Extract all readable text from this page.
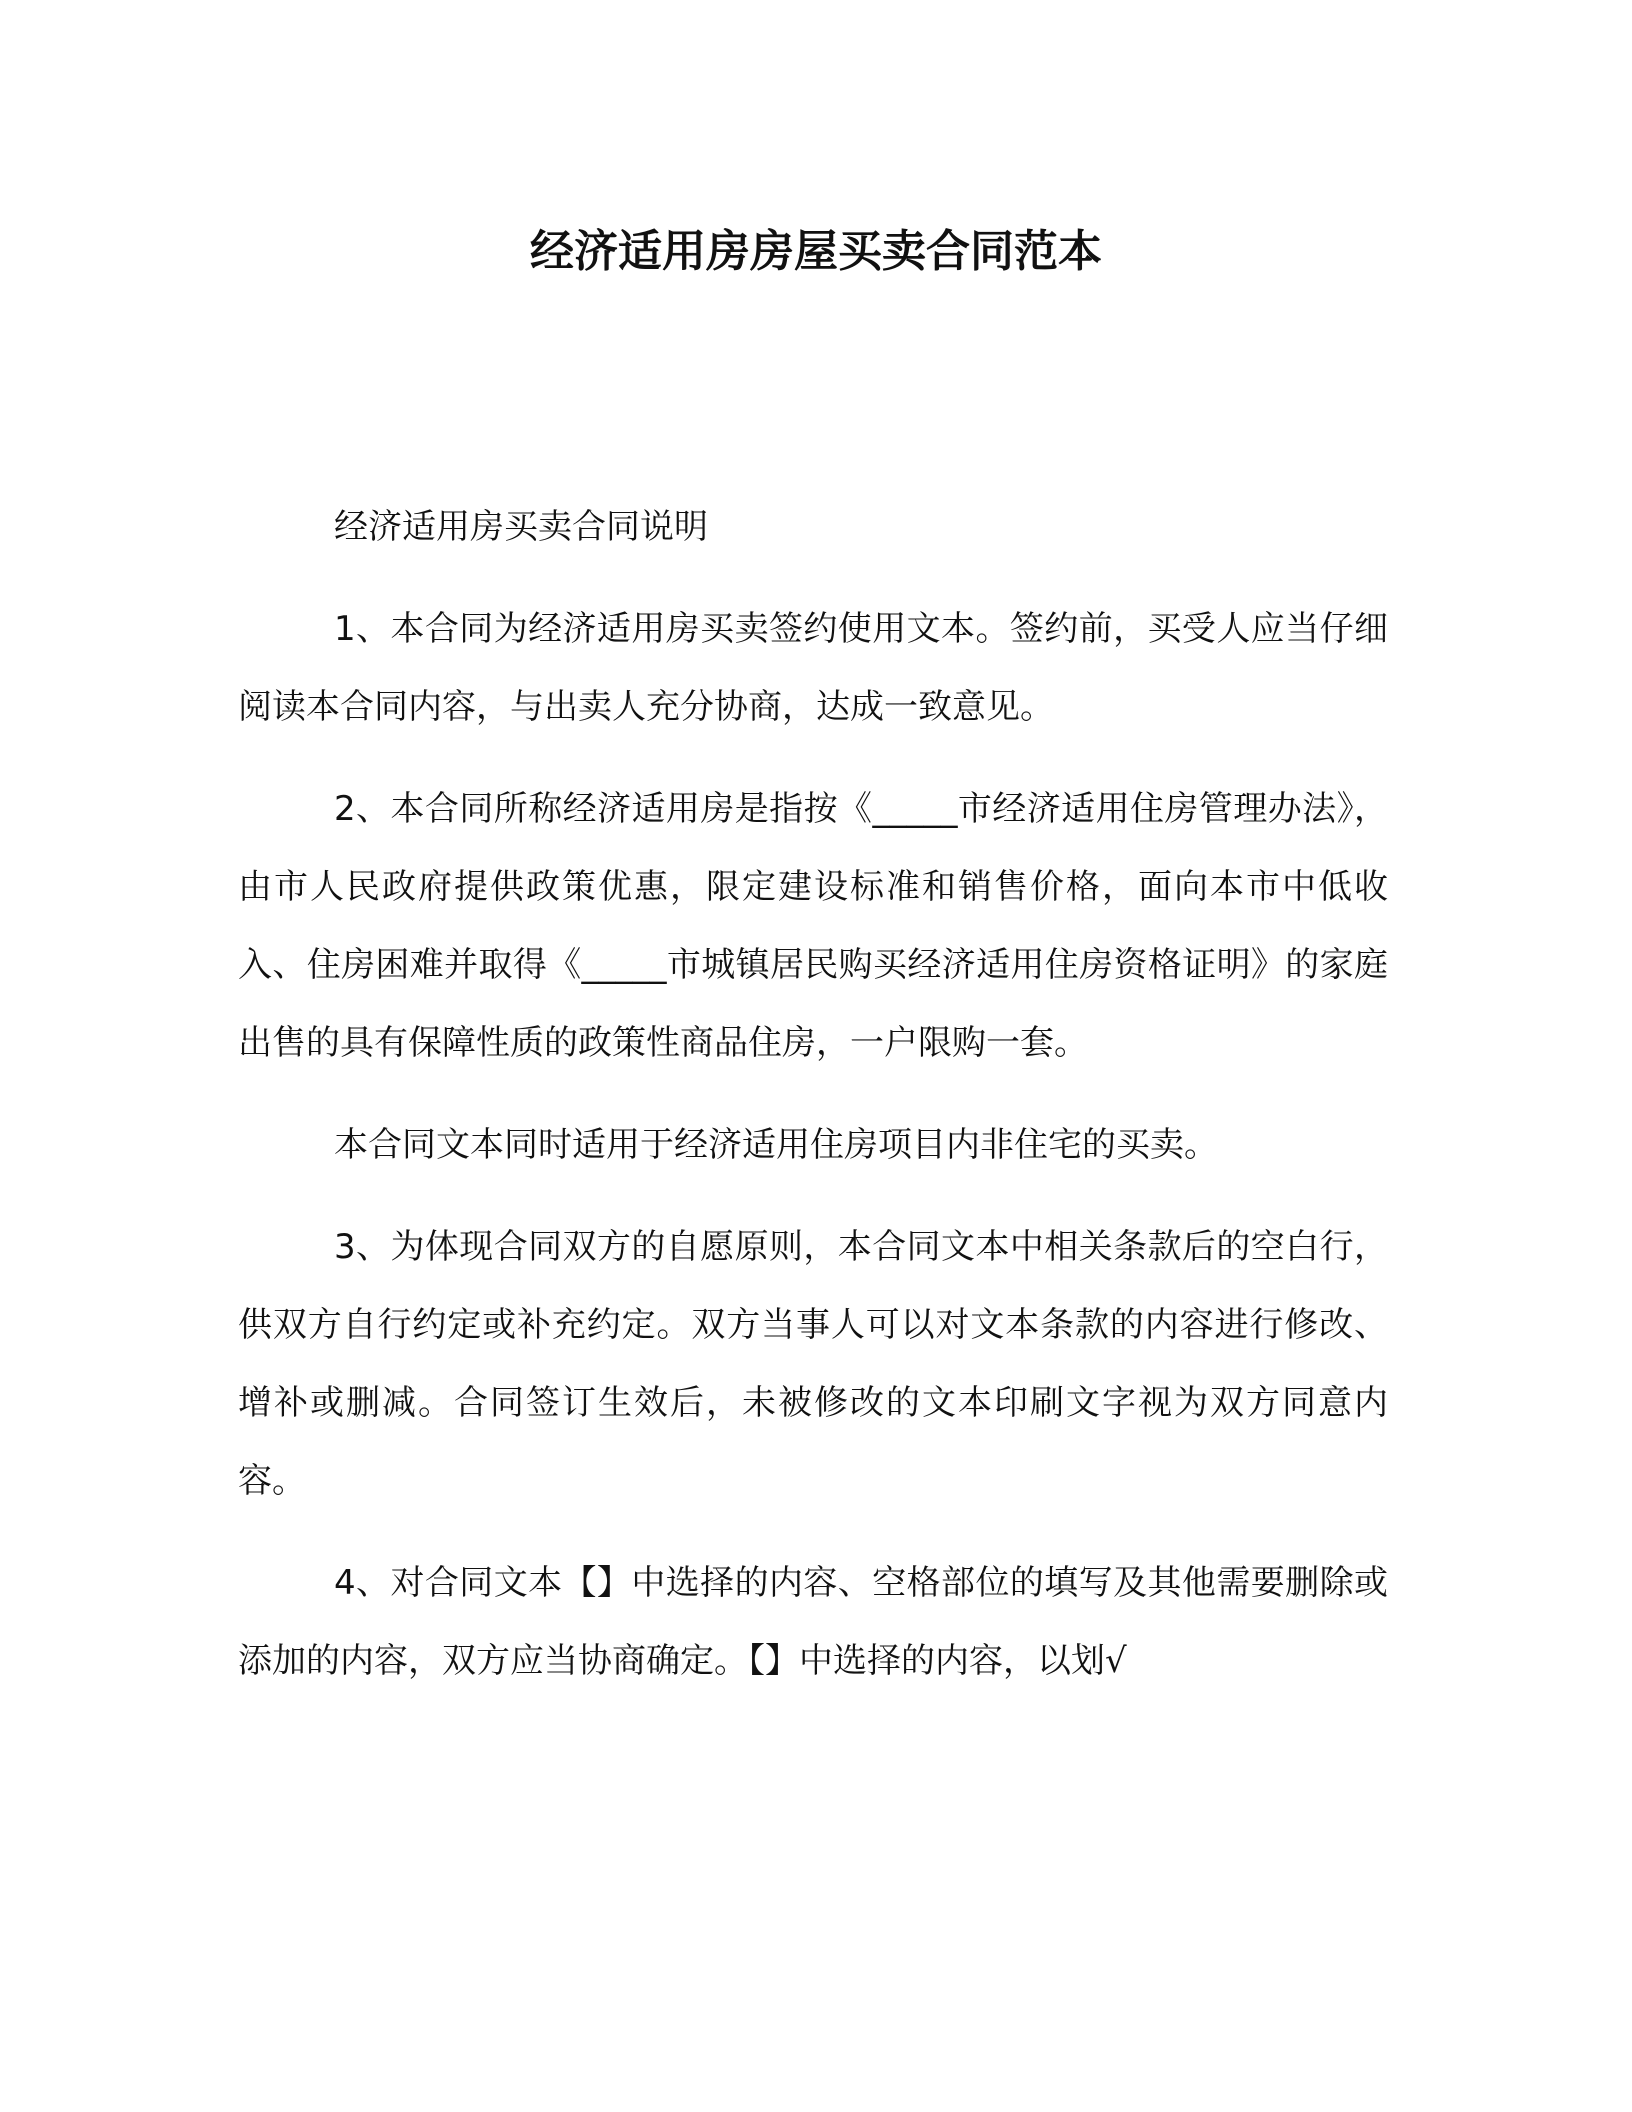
经济适用房房屋买卖合同范本

经济适用房买卖合同说明

1、本合同为经济适用房买卖签约使用文本。签约前，买受人应当仔细阅读本合同内容，与出卖人充分协商，达成一致意见。

2、本合同所称经济适用房是指按《_____市经济适用住房管理办法》，由市人民政府提供政策优惠，限定建设标准和销售价格，面向本市中低收入、住房困难并取得《_____市城镇居民购买经济适用住房资格证明》的家庭出售的具有保障性质的政策性商品住房，一户限购一套。

本合同文本同时适用于经济适用住房项目内非住宅的买卖。

3、为体现合同双方的自愿原则，本合同文本中相关条款后的空白行，供双方自行约定或补充约定。双方当事人可以对文本条款的内容进行修改、增补或删减。合同签订生效后，未被修改的文本印刷文字视为双方同意内容。

4、对合同文本【】中选择的内容、空格部位的填写及其他需要删除或添加的内容，双方应当协商确定。【】中选择的内容，以划√
